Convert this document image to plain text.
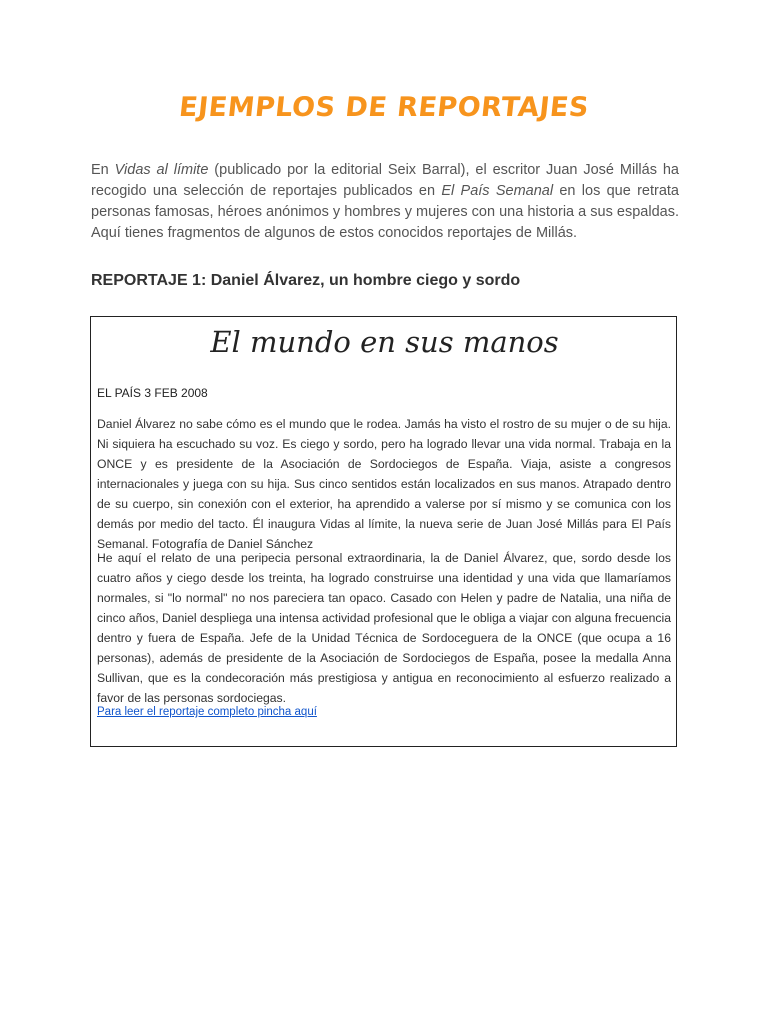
EJEMPLOS DE REPORTAJES
En Vidas al límite (publicado por la editorial Seix Barral), el escritor Juan José Millás ha recogido una selección de reportajes publicados en El País Semanal en los que retrata personas famosas, héroes anónimos y hombres y mujeres con una historia a sus espaldas. Aquí tienes fragmentos de algunos de estos conocidos reportajes de Millás.
REPORTAJE 1: Daniel Álvarez, un hombre ciego y sordo
El mundo en sus manos
EL PAÍS 3 FEB 2008
Daniel Álvarez no sabe cómo es el mundo que le rodea. Jamás ha visto el rostro de su mujer o de su hija. Ni siquiera ha escuchado su voz. Es ciego y sordo, pero ha logrado llevar una vida normal. Trabaja en la ONCE y es presidente de la Asociación de Sordociegos de España. Viaja, asiste a congresos internacionales y juega con su hija. Sus cinco sentidos están localizados en sus manos. Atrapado dentro de su cuerpo, sin conexión con el exterior, ha aprendido a valerse por sí mismo y se comunica con los demás por medio del tacto. Él inaugura Vidas al límite, la nueva serie de Juan José Millás para El País Semanal. Fotografía de Daniel Sánchez
He aquí el relato de una peripecia personal extraordinaria, la de Daniel Álvarez, que, sordo desde los cuatro años y ciego desde los treinta, ha logrado construirse una identidad y una vida que llamaríamos normales, si "lo normal" no nos pareciera tan opaco. Casado con Helen y padre de Natalia, una niña de cinco años, Daniel despliega una intensa actividad profesional que le obliga a viajar con alguna frecuencia dentro y fuera de España. Jefe de la Unidad Técnica de Sordoceguera de la ONCE (que ocupa a 16 personas), además de presidente de la Asociación de Sordociegos de España, posee la medalla Anna Sullivan, que es la condecoración más prestigiosa y antigua en reconocimiento al esfuerzo realizado a favor de las personas sordociegas.
Para leer el reportaje completo pincha aquí
